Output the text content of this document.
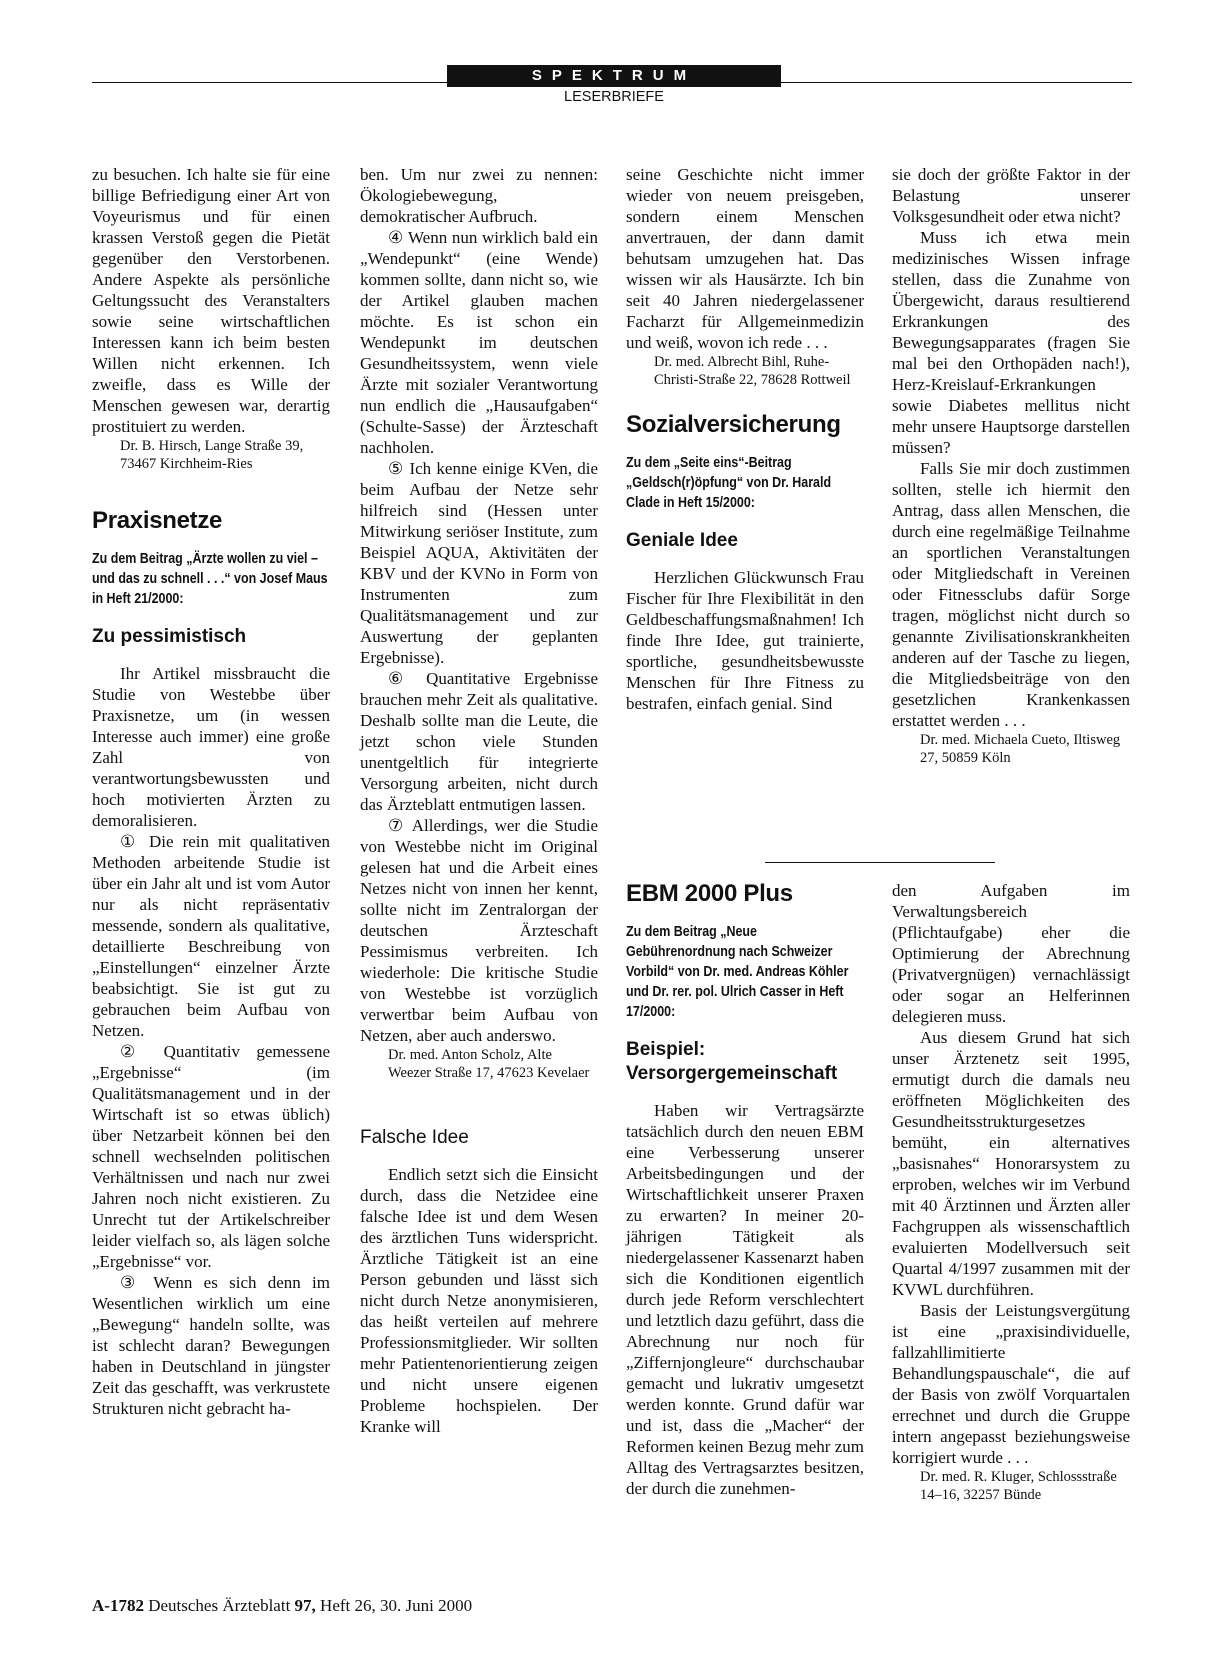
SPEKTRUM
LESERBRIEFE

zu besuchen. Ich halte sie für eine billige Befriedigung einer Art von Voyeurismus und für einen krassen Verstoß gegen die Pietät gegenüber den Verstorbenen. Andere Aspekte als persönliche Geltungssucht des Veranstalters sowie seine wirtschaftlichen Interessen kann ich beim besten Willen nicht erkennen. Ich zweifle, dass es Wille der Menschen gewesen war, derartig prostituiert zu werden.

Dr. B. Hirsch, Lange Straße 39, 73467 Kirchheim-Ries

Praxisnetze

Zu dem Beitrag „Ärzte wollen zu viel – und das zu schnell . . .“ von Josef Maus in Heft 21/2000:

Zu pessimistisch

Ihr Artikel missbraucht die Studie von Westebbe über Praxisnetze, um (in wessen Interesse auch immer) eine große Zahl von verantwortungsbewussten und hoch motivierten Ärzten zu demoralisieren.

① Die rein mit qualitativen Methoden arbeitende Studie ist über ein Jahr alt und ist vom Autor nur als nicht repräsentativ messende, sondern als qualitative, detaillierte Beschreibung von „Einstellungen“ einzelner Ärzte beabsichtigt. Sie ist gut zu gebrauchen beim Aufbau von Netzen.

② Quantitativ gemessene „Ergebnisse“ (im Qualitätsmanagement und in der Wirtschaft ist so etwas üblich) über Netzarbeit können bei den schnell wechselnden politischen Verhältnissen und nach nur zwei Jahren noch nicht existieren. Zu Unrecht tut der Artikelschreiber leider vielfach so, als lägen solche „Ergebnisse“ vor.

③ Wenn es sich denn im Wesentlichen wirklich um eine „Bewegung“ handeln sollte, was ist schlecht daran? Bewegungen haben in Deutschland in jüngster Zeit das geschafft, was verkrustete Strukturen nicht gebracht ha-

ben. Um nur zwei zu nennen: Ökologiebewegung, demokratischer Aufbruch.

④ Wenn nun wirklich bald ein „Wendepunkt“ (eine Wende) kommen sollte, dann nicht so, wie der Artikel glauben machen möchte. Es ist schon ein Wendepunkt im deutschen Gesundheitssystem, wenn viele Ärzte mit sozialer Verantwortung nun endlich die „Hausaufgaben“ (Schulte-Sasse) der Ärzteschaft nachholen.

⑤ Ich kenne einige KVen, die beim Aufbau der Netze sehr hilfreich sind (Hessen unter Mitwirkung seriöser Institute, zum Beispiel AQUA, Aktivitäten der KBV und der KVNo in Form von Instrumenten zum Qualitätsmanagement und zur Auswertung der geplanten Ergebnisse).

⑥ Quantitative Ergebnisse brauchen mehr Zeit als qualitative. Deshalb sollte man die Leute, die jetzt schon viele Stunden unentgeltlich für integrierte Versorgung arbeiten, nicht durch das Ärzteblatt entmutigen lassen.

⑦ Allerdings, wer die Studie von Westebbe nicht im Original gelesen hat und die Arbeit eines Netzes nicht von innen her kennt, sollte nicht im Zentralorgan der deutschen Ärzteschaft Pessimismus verbreiten. Ich wiederhole: Die kritische Studie von Westebbe ist vorzüglich verwertbar beim Aufbau von Netzen, aber auch anderswo.

Dr. med. Anton Scholz, Alte Weezer Straße 17, 47623 Kevelaer

Falsche Idee

Endlich setzt sich die Einsicht durch, dass die Netzidee eine falsche Idee ist und dem Wesen des ärztlichen Tuns widerspricht. Ärztliche Tätigkeit ist an eine Person gebunden und lässt sich nicht durch Netze anonymisieren, das heißt verteilen auf mehrere Professionsmitglieder. Wir sollten mehr Patientenorientierung zeigen und nicht unsere eigenen Probleme hochspielen. Der Kranke will

seine Geschichte nicht immer wieder von neuem preisgeben, sondern einem Menschen anvertrauen, der dann damit behutsam umzugehen hat. Das wissen wir als Hausärzte. Ich bin seit 40 Jahren niedergelassener Facharzt für Allgemeinmedizin und weiß, wovon ich rede . . .

Dr. med. Albrecht Bihl, Ruhe-Christi-Straße 22, 78628 Rottweil

Sozialversicherung

Zu dem „Seite eins“-Beitrag „Geldsch(r)öpfung“ von Dr. Harald Clade in Heft 15/2000:

Geniale Idee

Herzlichen Glückwunsch Frau Fischer für Ihre Flexibilität in den Geldbeschaffungsmaßnahmen! Ich finde Ihre Idee, gut trainierte, sportliche, gesundheitsbewusste Menschen für Ihre Fitness zu bestrafen, einfach genial. Sind

sie doch der größte Faktor in der Belastung unserer Volksgesundheit oder etwa nicht?

Muss ich etwa mein medizinisches Wissen infrage stellen, dass die Zunahme von Übergewicht, daraus resultierend Erkrankungen des Bewegungsapparates (fragen Sie mal bei den Orthopäden nach!), Herz-Kreislauf-Erkrankungen sowie Diabetes mellitus nicht mehr unsere Hauptsorge darstellen müssen?

Falls Sie mir doch zustimmen sollten, stelle ich hiermit den Antrag, dass allen Menschen, die durch eine regelmäßige Teilnahme an sportlichen Veranstaltungen oder Mitgliedschaft in Vereinen oder Fitnessclubs dafür Sorge tragen, möglichst nicht durch so genannte Zivilisationskrankheiten anderen auf der Tasche zu liegen, die Mitgliedsbeiträge von den gesetzlichen Krankenkassen erstattet werden . . .

Dr. med. Michaela Cueto, Iltisweg 27, 50859 Köln

EBM 2000 Plus

Zu dem Beitrag „Neue Gebührenordnung nach Schweizer Vorbild“ von Dr. med. Andreas Köhler und Dr. rer. pol. Ulrich Casser in Heft 17/2000:

Beispiel: Versorgergemeinschaft

Haben wir Vertragsärzte tatsächlich durch den neuen EBM eine Verbesserung unserer Arbeitsbedingungen und der Wirtschaftlichkeit unserer Praxen zu erwarten? In meiner 20-jährigen Tätigkeit als niedergelassener Kassenarzt haben sich die Konditionen eigentlich durch jede Reform verschlechtert und letztlich dazu geführt, dass die Abrechnung nur noch für „Ziffernjongleure“ durchschaubar gemacht und lukrativ umgesetzt werden konnte. Grund dafür war und ist, dass die „Macher“ der Reformen keinen Bezug mehr zum Alltag des Vertragsarztes besitzen, der durch die zunehmen-

den Aufgaben im Verwaltungsbereich (Pflichtaufgabe) eher die Optimierung der Abrechnung (Privatvergnügen) vernachlässigt oder sogar an Helferinnen delegieren muss.

Aus diesem Grund hat sich unser Ärztenetz seit 1995, ermutigt durch die damals neu eröffneten Möglichkeiten des Gesundheitsstrukturgesetzes bemüht, ein alternatives „basisnahes“ Honorarsystem zu erproben, welches wir im Verbund mit 40 Ärztinnen und Ärzten aller Fachgruppen als wissenschaftlich evaluierten Modellversuch seit Quartal 4/1997 zusammen mit der KVWL durchführen.

Basis der Leistungsvergütung ist eine „praxisindividuelle, fallzahllimitierte Behandlungspauschale“, die auf der Basis von zwölf Vorquartalen errechnet und durch die Gruppe intern angepasst beziehungsweise korrigiert wurde . . .

Dr. med. R. Kluger, Schlossstraße 14–16, 32257 Bünde

A-1782 Deutsches Ärzteblatt 97, Heft 26, 30. Juni 2000
